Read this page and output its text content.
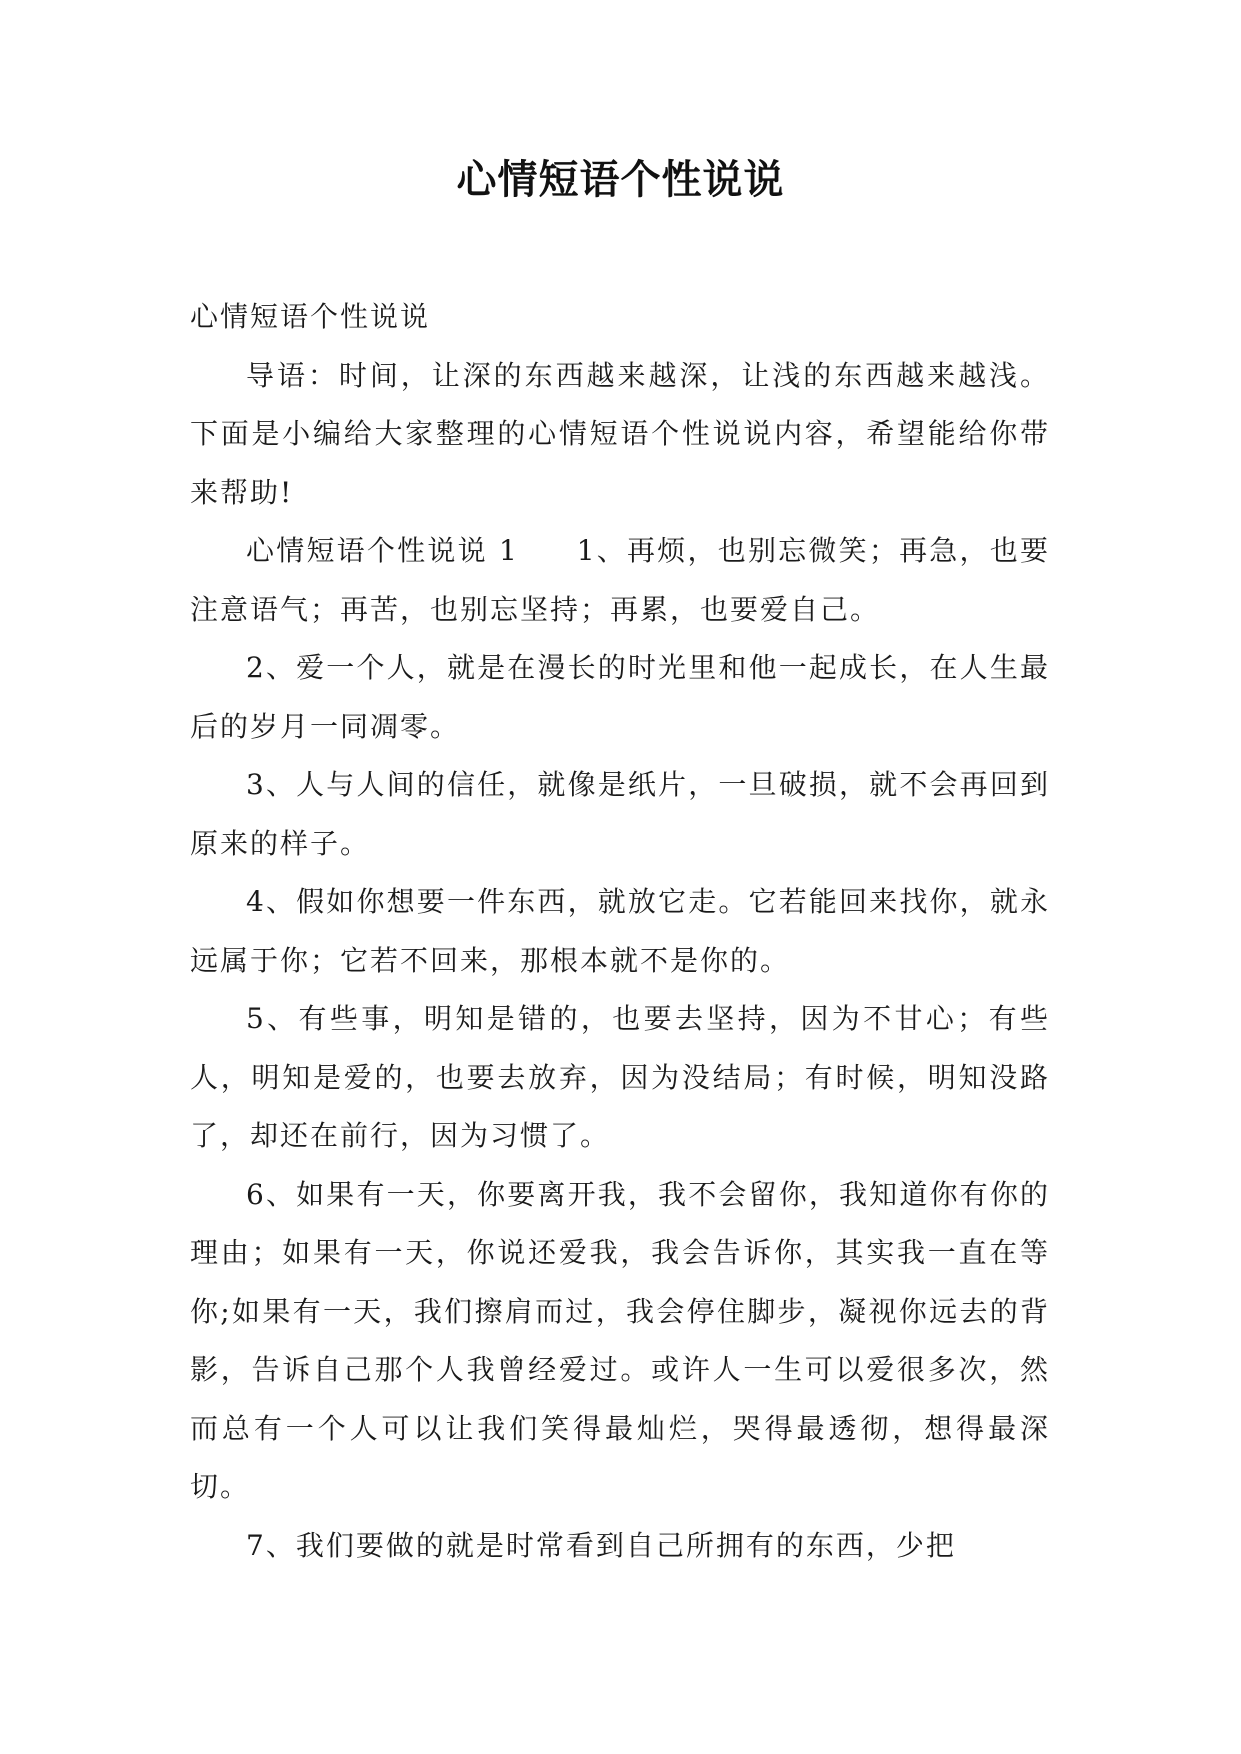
心情短语个性说说

心情短语个性说说

导语：时间，让深的东西越来越深，让浅的东西越来越浅。下面是小编给大家整理的心情短语个性说说内容，希望能给你带来帮助!

心情短语个性说说 1 1、再烦，也别忘微笑；再急，也要注意语气；再苦，也别忘坚持；再累，也要爱自己。

2、爱一个人，就是在漫长的时光里和他一起成长，在人生最后的岁月一同凋零。

3、人与人间的信任，就像是纸片，一旦破损，就不会再回到原来的样子。

4、假如你想要一件东西，就放它走。它若能回来找你，就永远属于你；它若不回来，那根本就不是你的。

5、有些事，明知是错的，也要去坚持，因为不甘心；有些人，明知是爱的，也要去放弃，因为没结局；有时候，明知没路了，却还在前行，因为习惯了。

6、如果有一天，你要离开我，我不会留你，我知道你有你的理由；如果有一天，你说还爱我，我会告诉你，其实我一直在等你;如果有一天，我们擦肩而过，我会停住脚步，凝视你远去的背影，告诉自己那个人我曾经爱过。或许人一生可以爱很多次，然而总有一个人可以让我们笑得最灿烂，哭得最透彻，想得最深切。

7、我们要做的就是时常看到自己所拥有的东西，少把
